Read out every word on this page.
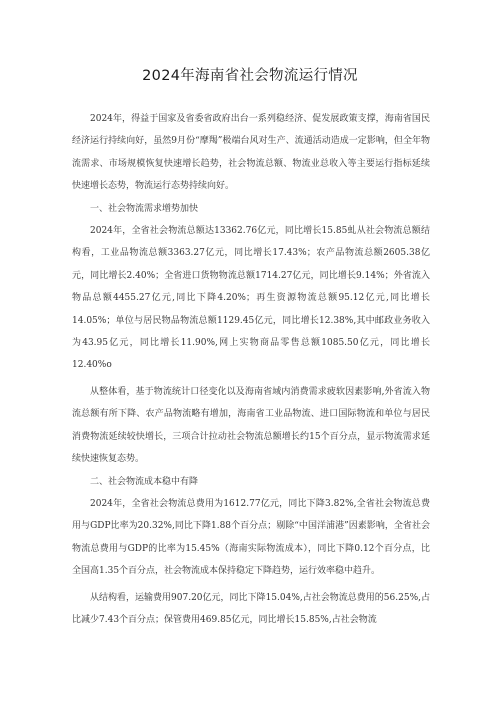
2024年海南省社会物流运行情况

2024年，得益于国家及省委省政府出台一系列稳经济、促发展政策支撑，海南省国民经济运行持续向好，虽然9月份“摩羯”极端台风对生产、流通活动造成一定影响，但全年物流需求、市场规模恢复快速增长趋势，社会物流总额、物流业总收入等主要运行指标延续快速增长态势，物流运行态势持续向好。

一、社会物流需求增势加快

2024年，全省社会物流总额达13362.76亿元，同比增长15.85虬从社会物流总额结构看，工业品物流总额3363.27亿元，同比增长17.43%；农产品物流总额2605.38亿元，同比增长2.40%；全省进口货物物流总额1714.27亿元，同比增长9.14%；外省流入物品总额4455.27亿元,同比下降4.20%；再生资源物流总额95.12亿元,同比增长14.05%；单位与居民物品物流总额1129.45亿元，同比增长12.38%,其中邮政业务收入为43.95亿元，同比增长11.90%,网上实物商品零售总额1085.50亿元，同比增长12.40%o

从整体看，基于物流统计口径变化以及海南省域内消费需求疲软因素影响,外省流入物流总额有所下降、农产品物流略有增加，海南省工业品物流、进口国际物流和单位与居民消费物流延续较快增长，三项合计拉动社会物流总额增长约15个百分点，显示物流需求延续快速恢复态势。

二、社会物流成本稳中有降

2024年，全省社会物流总费用为1612.77亿元，同比下降3.82%,全省社会物流总费用与GDP比率为20.32%,同比下降1.88个百分点；剔除“中国洋浦港”因素影响，全省社会物流总费用与GDP的比率为15.45%（海南实际物流成本），同比下降0.12个百分点，比全国高1.35个百分点，社会物流成本保持稳定下降趋势，运行效率稳中趋升。

从结构看，运输费用907.20亿元，同比下降15.04%,占社会物流总费用的56.25%,占比减少7.43个百分点；保管费用469.85亿元，同比增长15.85%,占社会物流
